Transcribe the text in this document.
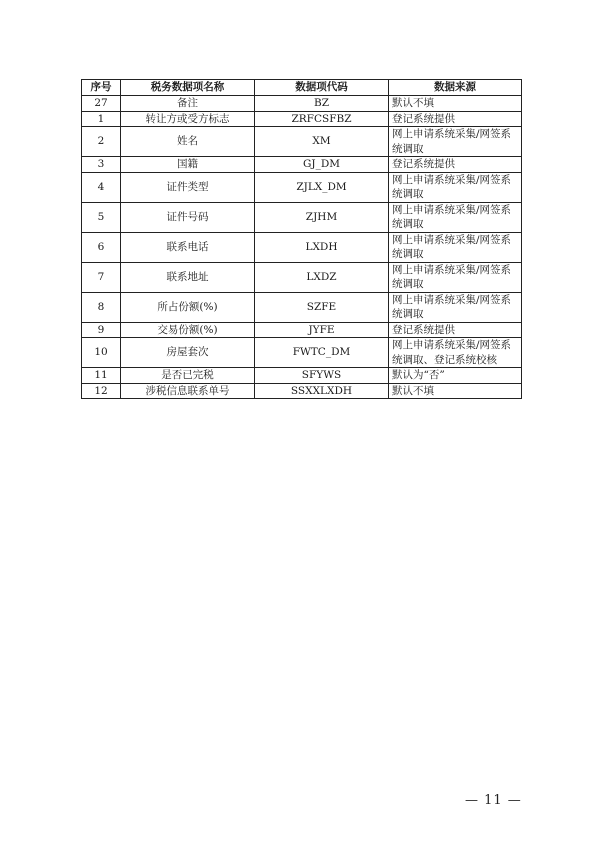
序号	税务数据项名称	数据项代码	数据来源
27	备注	BZ	默认不填
1	转让方或受方标志	ZRFCSFBZ	登记系统提供
2	姓名	XM	网上申请系统采集/网签系统调取
3	国籍	GJ_DM	登记系统提供
4	证件类型	ZJLX_DM	网上申请系统采集/网签系统调取
5	证件号码	ZJHM	网上申请系统采集/网签系统调取
6	联系电话	LXDH	网上申请系统采集/网签系统调取
7	联系地址	LXDZ	网上申请系统采集/网签系统调取
8	所占份额(%)	SZFE	网上申请系统采集/网签系统调取
9	交易份额(%)	JYFE	登记系统提供
10	房屋套次	FWTC_DM	网上申请系统采集/网签系统调取、登记系统校核
11	是否已完税	SFYWS	默认为“否”
12	涉税信息联系单号	SSXXLXDH	默认不填
— 11 —
